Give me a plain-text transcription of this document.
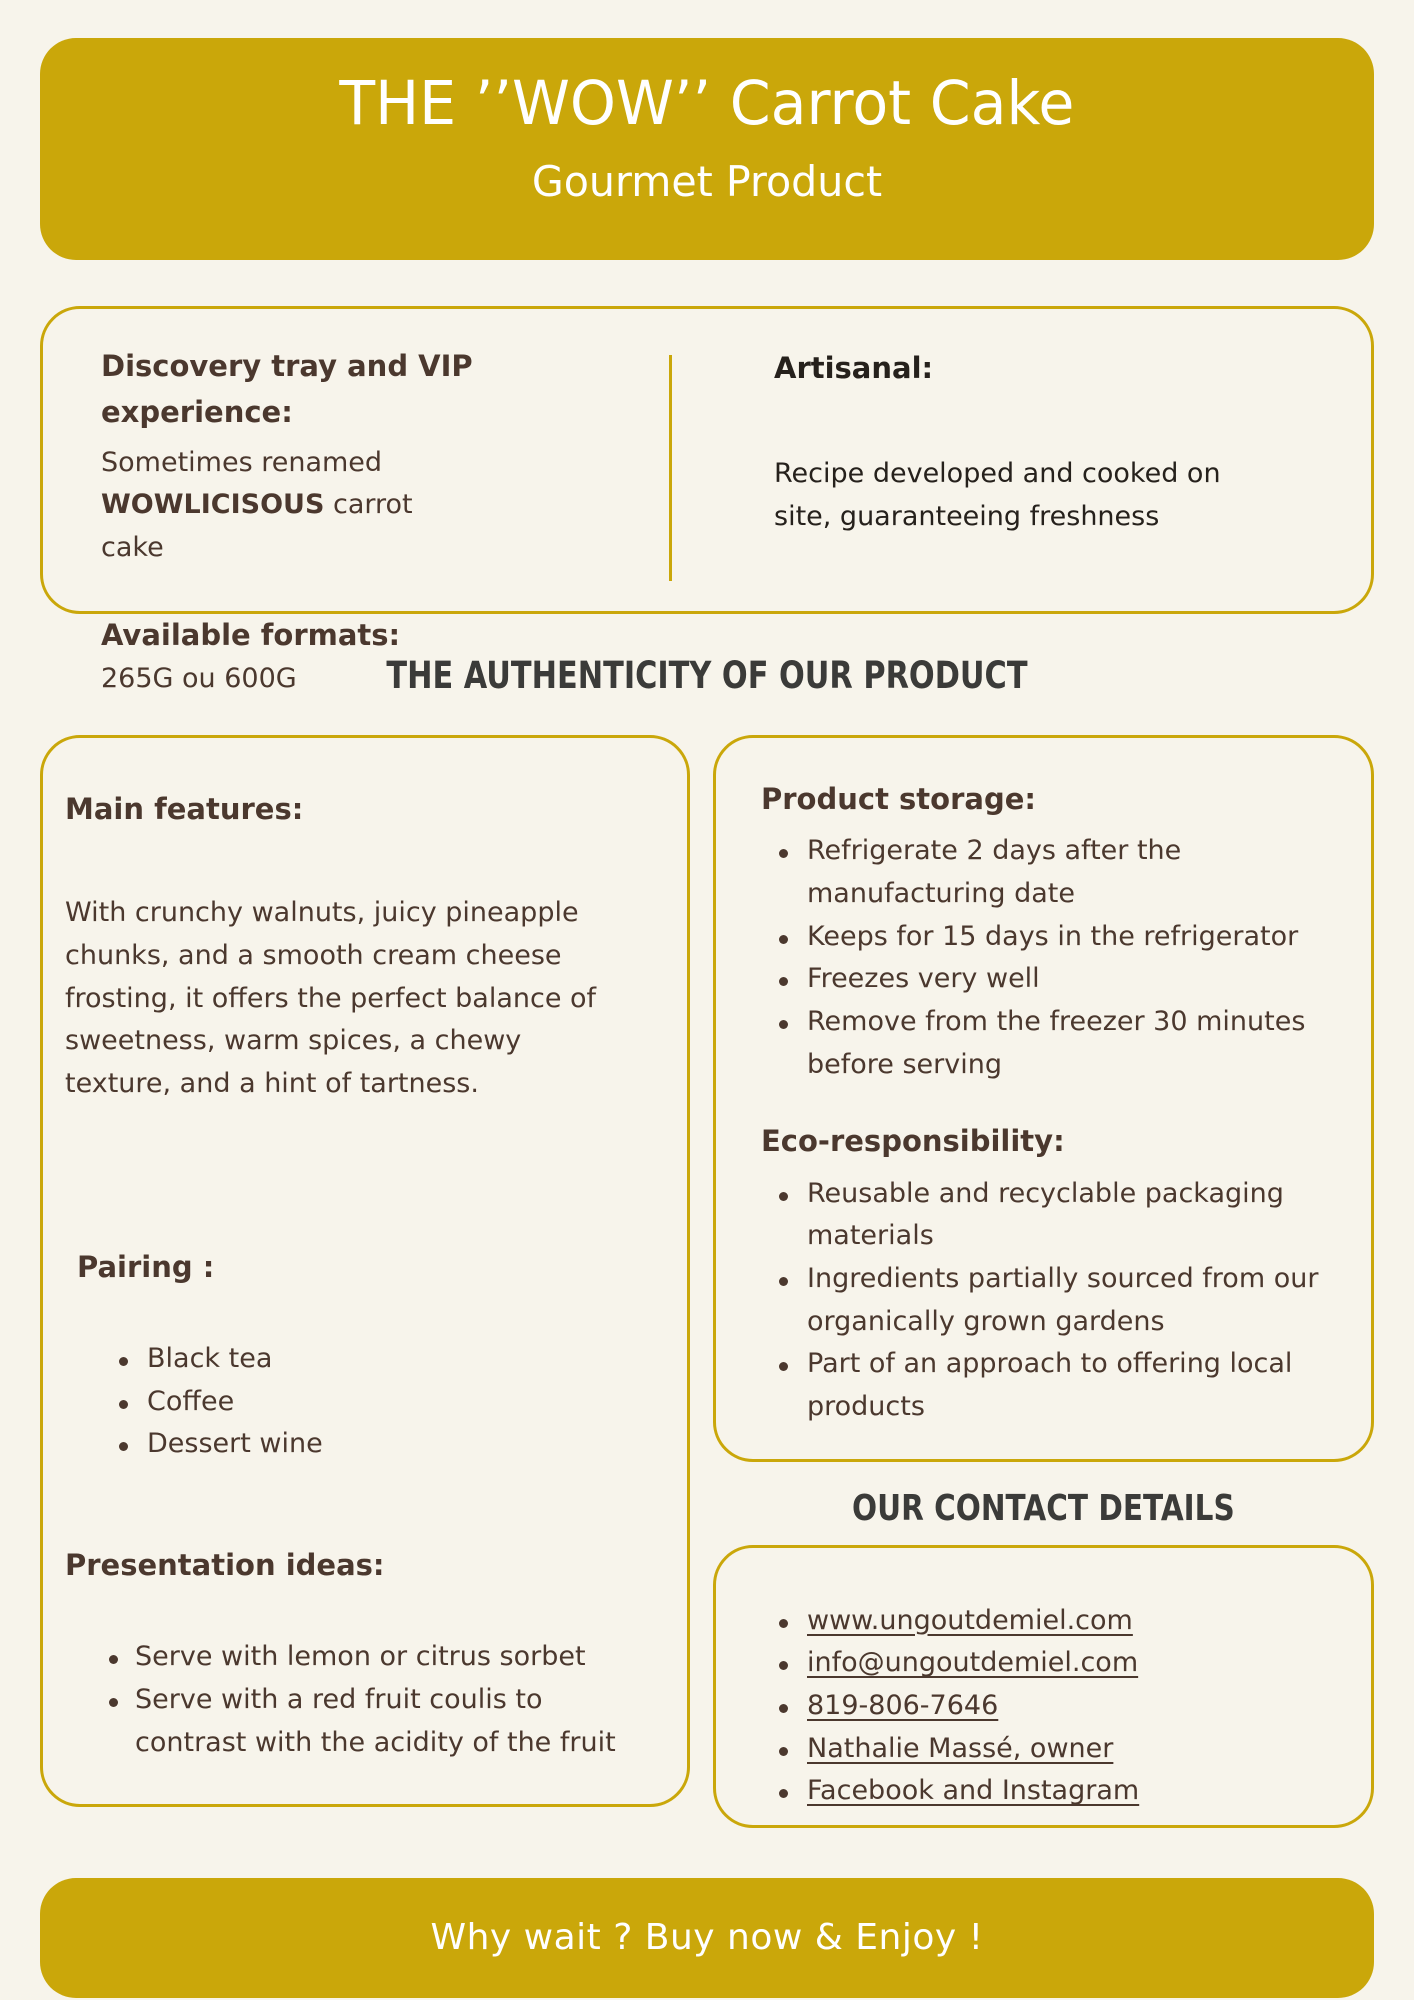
THE ’’WOW’’ Carrot Cake
Gourmet Product
Discovery tray and VIP experience:

Sometimes renamed WOWLICISOUS carrot cake

Available formats:

265G ou 600G

Artisanal:

Recipe developed and cooked on site, guaranteeing freshness

THE AUTHENTICITY OF OUR PRODUCT
Main features:

With crunchy walnuts, juicy pineapple chunks, and a smooth cream cheese frosting, it offers the perfect balance of sweetness, warm spices, a chewy texture, and a hint of tartness.

Pairing :
Black tea
Coffee
Dessert wine
Presentation ideas:
Serve with lemon or citrus sorbet
Serve with a red fruit coulis to contrast with the acidity of the fruit
Product storage:
Refrigerate 2 days after the manufacturing date
Keeps for 15 days in the refrigerator
Freezes very well
Remove from the freezer 30 minutes before serving
Eco-responsibility:
Reusable and recyclable packaging materials
Ingredients partially sourced from our organically grown gardens
Part of an approach to offering local products
OUR CONTACT DETAILS
www.ungoutdemiel.com
info@ungoutdemiel.com
819-806-7646
Nathalie Massé, owner
Facebook and Instagram
Why wait ? Buy now & Enjoy !
